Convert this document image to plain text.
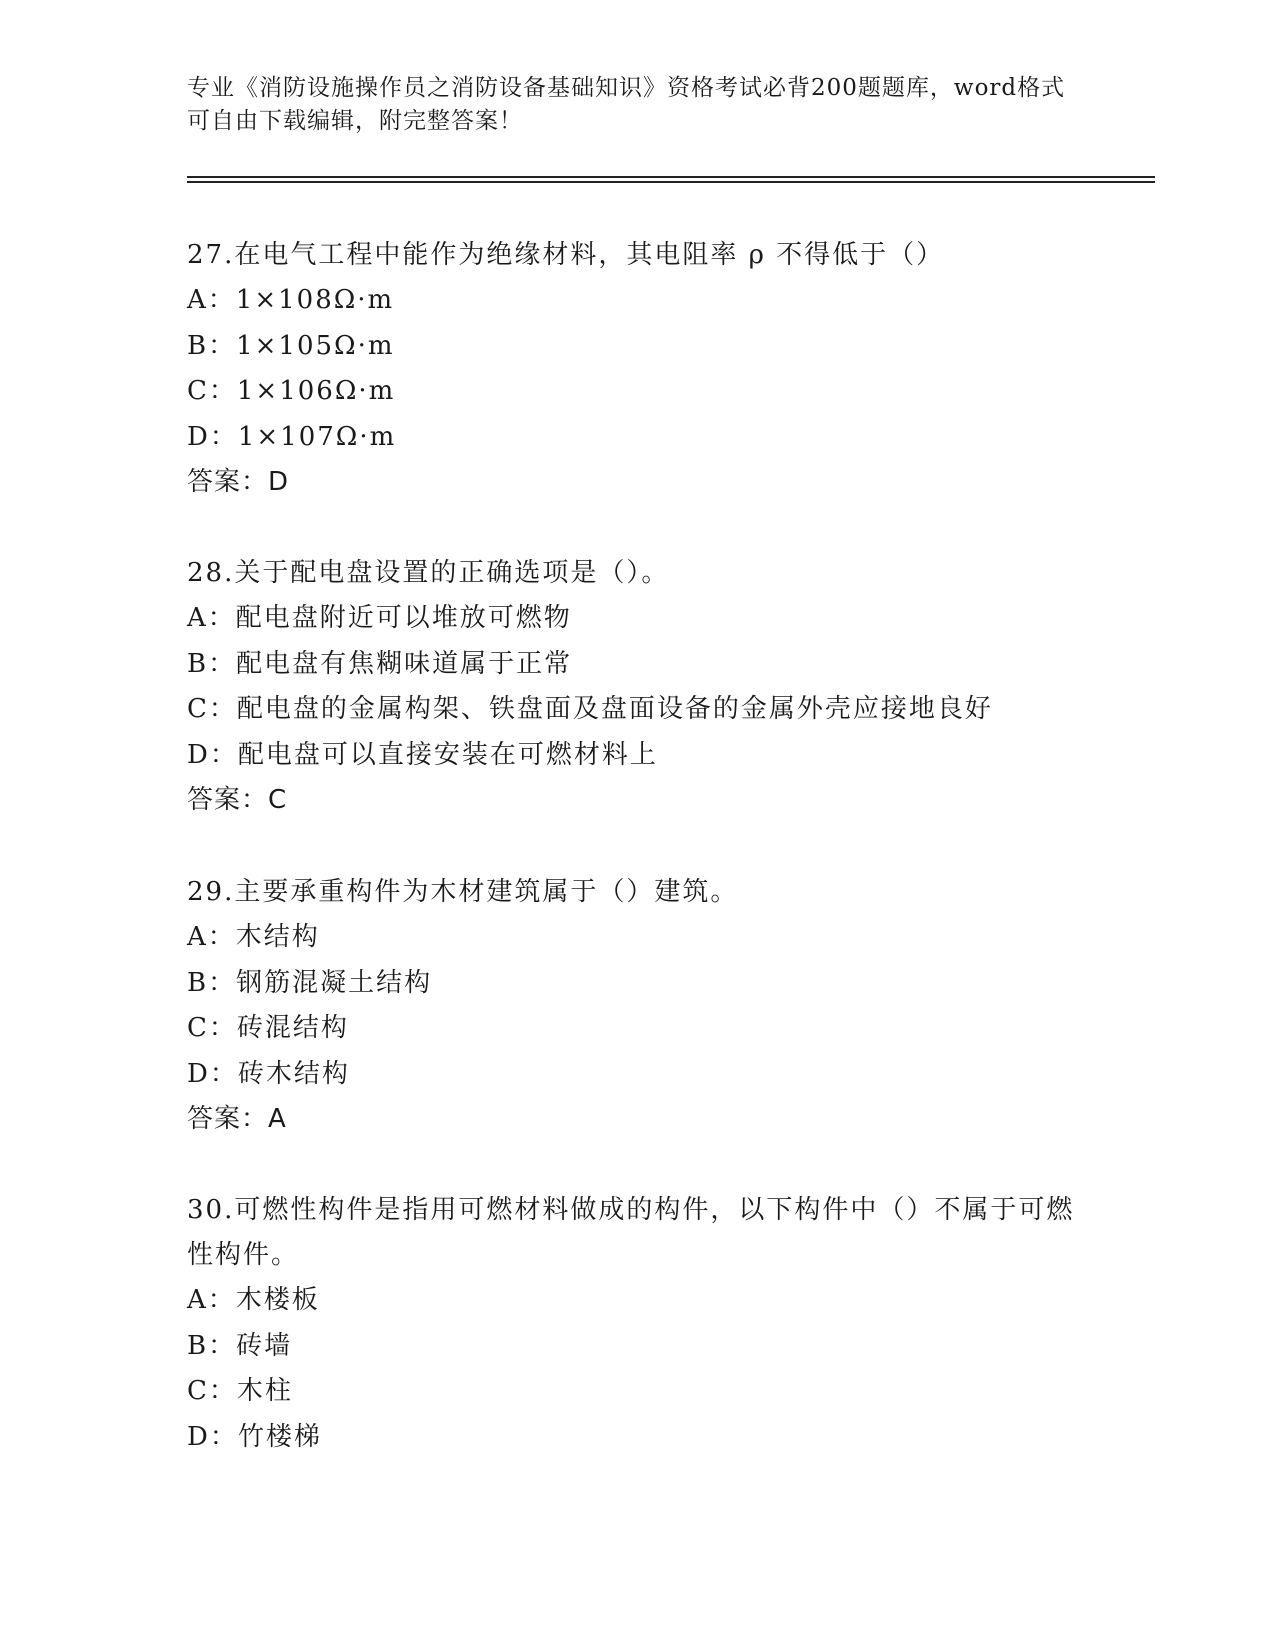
专业《消防设施操作员之消防设备基础知识》资格考试必背200题题库，word格式可自由下载编辑，附完整答案！

27.在电气工程中能作为绝缘材料，其电阻率 ρ 不得低于（）

A：1×108Ω·m

B：1×105Ω·m

C：1×106Ω·m

D：1×107Ω·m

答案：D

28.关于配电盘设置的正确选项是（）。

A：配电盘附近可以堆放可燃物

B：配电盘有焦糊味道属于正常

C：配电盘的金属构架、铁盘面及盘面设备的金属外壳应接地良好

D：配电盘可以直接安装在可燃材料上

答案：C

29.主要承重构件为木材建筑属于（）建筑。

A：木结构

B：钢筋混凝土结构

C：砖混结构

D：砖木结构

答案：A

30.可燃性构件是指用可燃材料做成的构件，以下构件中（）不属于可燃性构件。

A：木楼板

B：砖墙

C：木柱

D：竹楼梯
